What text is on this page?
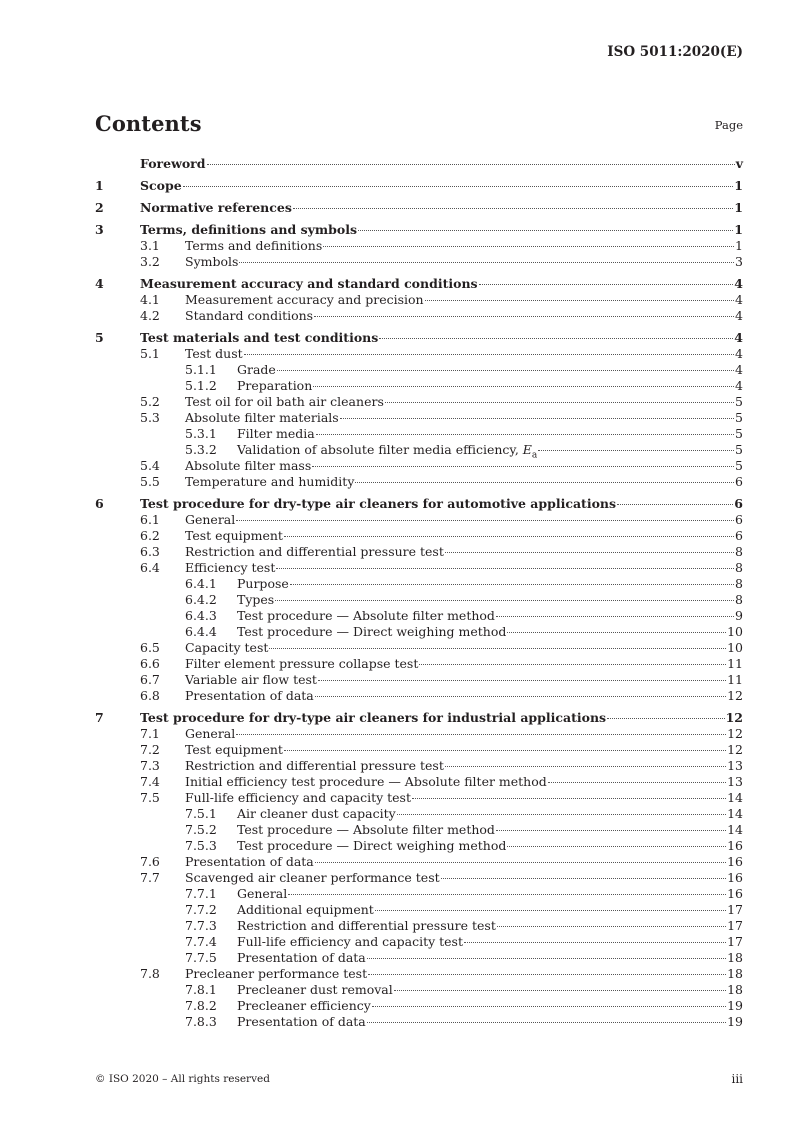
ISO 5011:2020(E)
Contents	Page
Foreword	v
1	Scope	1
2	Normative references	1
3	Terms, definitions and symbols	1
3.1	Terms and definitions	1
3.2	Symbols	3
4	Measurement accuracy and standard conditions	4
4.1	Measurement accuracy and precision	4
4.2	Standard conditions	4
5	Test materials and test conditions	4
5.1	Test dust	4
5.1.1	Grade	4
5.1.2	Preparation	4
5.2	Test oil for oil bath air cleaners	5
5.3	Absolute filter materials	5
5.3.1	Filter media	5
5.3.2	Validation of absolute filter media efficiency, $E_a$	5
5.4	Absolute filter mass	5
5.5	Temperature and humidity	6
6	Test procedure for dry-type air cleaners for automotive applications	6
6.1	General	6
6.2	Test equipment	6
6.3	Restriction and differential pressure test	8
6.4	Efficiency test	8
6.4.1	Purpose	8
6.4.2	Types	8
6.4.3	Test procedure — Absolute filter method	9
6.4.4	Test procedure — Direct weighing method	10
6.5	Capacity test	10
6.6	Filter element pressure collapse test	11
6.7	Variable air flow test	11
6.8	Presentation of data	12
7	Test procedure for dry-type air cleaners for industrial applications	12
7.1	General	12
7.2	Test equipment	12
7.3	Restriction and differential pressure test	13
7.4	Initial efficiency test procedure — Absolute filter method	13
7.5	Full-life efficiency and capacity test	14
7.5.1	Air cleaner dust capacity	14
7.5.2	Test procedure — Absolute filter method	14
7.5.3	Test procedure — Direct weighing method	16
7.6	Presentation of data	16
7.7	Scavenged air cleaner performance test	16
7.7.1	General	16
7.7.2	Additional equipment	17
7.7.3	Restriction and differential pressure test	17
7.7.4	Full-life efficiency and capacity test	17
7.7.5	Presentation of data	18
7.8	Precleaner performance test	18
7.8.1	Precleaner dust removal	18
7.8.2	Precleaner efficiency	19
7.8.3	Presentation of data	19
© ISO 2020 – All rights reserved	iii
